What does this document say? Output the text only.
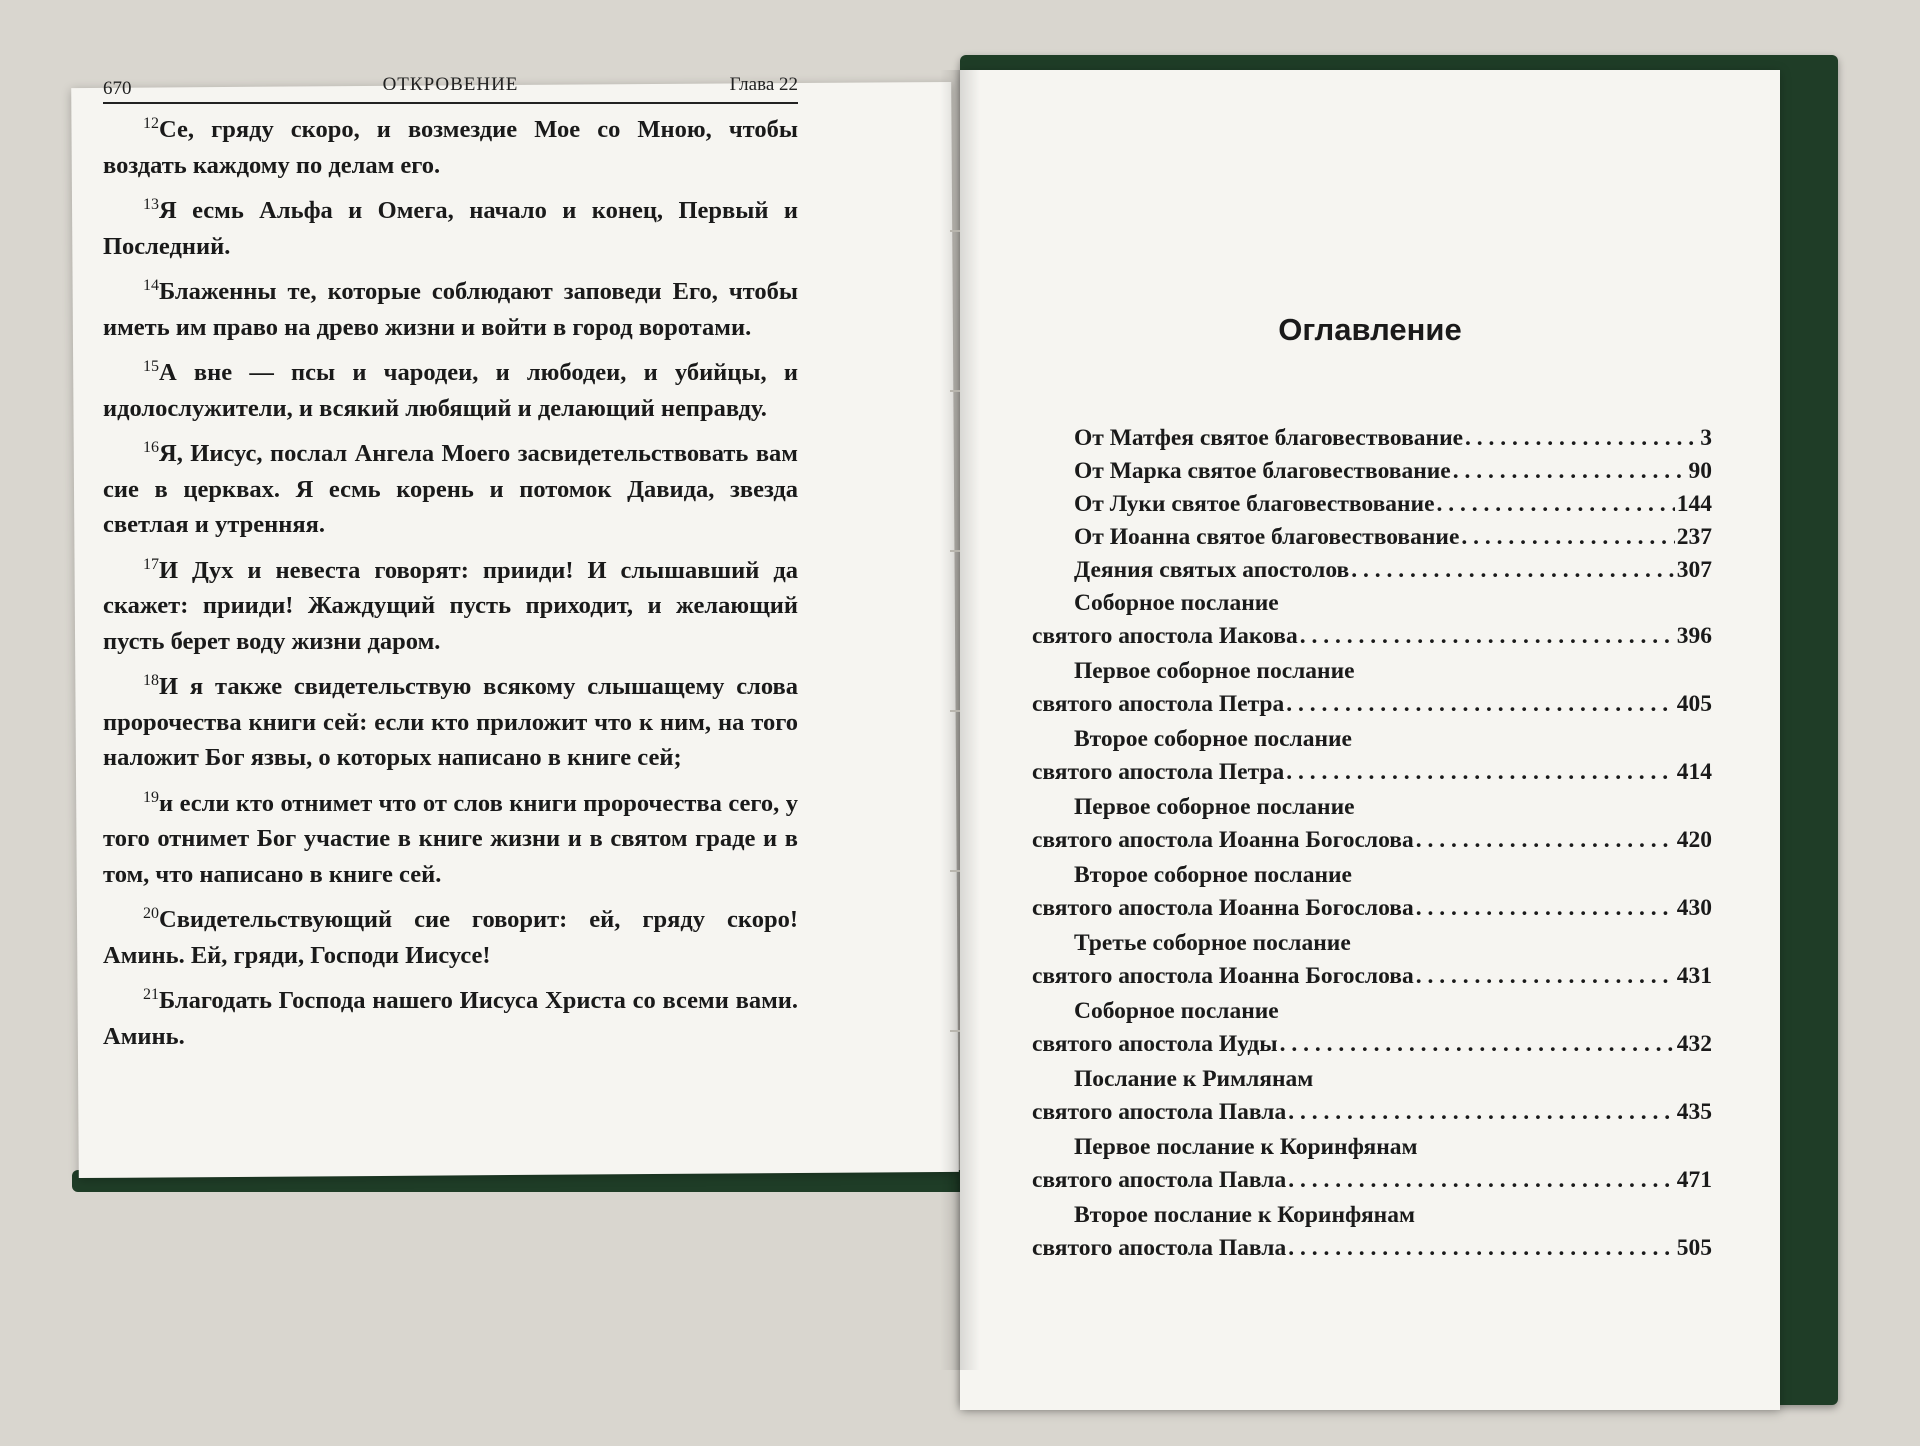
670	ОТКРОВЕНИЕ	Глава 22

$^{12}$Се, гряду скоро, и возмездие Мое со Мною, чтобы воздать каждому по делам его.

$^{13}$Я есмь Альфа и Омега, начало и конец, Первый и Последний.

$^{14}$Блаженны те, которые соблюдают заповеди Его, чтобы иметь им право на древо жизни и войти в город воротами.

$^{15}$А вне — псы и чародеи, и любодеи, и убийцы, и идолослужители, и всякий любящий и делающий неправду.

$^{16}$Я, Иисус, послал Ангела Моего засвидетельствовать вам сие в церквах. Я есмь корень и потомок Давида, звезда светлая и утренняя.

$^{17}$И Дух и невеста говорят: прииди! И слышавший да скажет: прииди! Жаждущий пусть приходит, и желающий пусть берет воду жизни даром.

$^{18}$И я также свидетельствую всякому слышащему слова пророчества книги сей: если кто приложит что к ним, на того наложит Бог язвы, о которых написано в книге сей;

$^{19}$и если кто отнимет что от слов книги пророчества сего, у того отнимет Бог участие в книге жизни и в святом граде и в том, что написано в книге сей.

$^{20}$Свидетельствующий сие говорит: ей, гряду скоро! Аминь. Ей, гряди, Господи Иисусе!

$^{21}$Благодать Господа нашего Иисуса Христа со всеми вами. Аминь.

Оглавление
От Матфея святое благовествование . . .	3
От Марка святое благовествование . . .	90
От Луки святое благовествование . . .	144
От Иоанна святое благовествование . . .	237
Деяния святых апостолов . . .	307
Соборное послание
святого апостола Иакова . . .	396
Первое соборное послание
святого апостола Петра . . .	405
Второе соборное послание
святого апостола Петра . . .	414
Первое соборное послание
святого апостола Иоанна Богослова . . .	420
Второе соборное послание
святого апостола Иоанна Богослова . . .	430
Третье соборное послание
святого апостола Иоанна Богослова . . .	431
Соборное послание
святого апостола Иуды . . .	432
Послание к Римлянам
святого апостола Павла . . .	435
Первое послание к Коринфянам
святого апостола Павла . . .	471
Второе послание к Коринфянам
святого апостола Павла . . .	505
